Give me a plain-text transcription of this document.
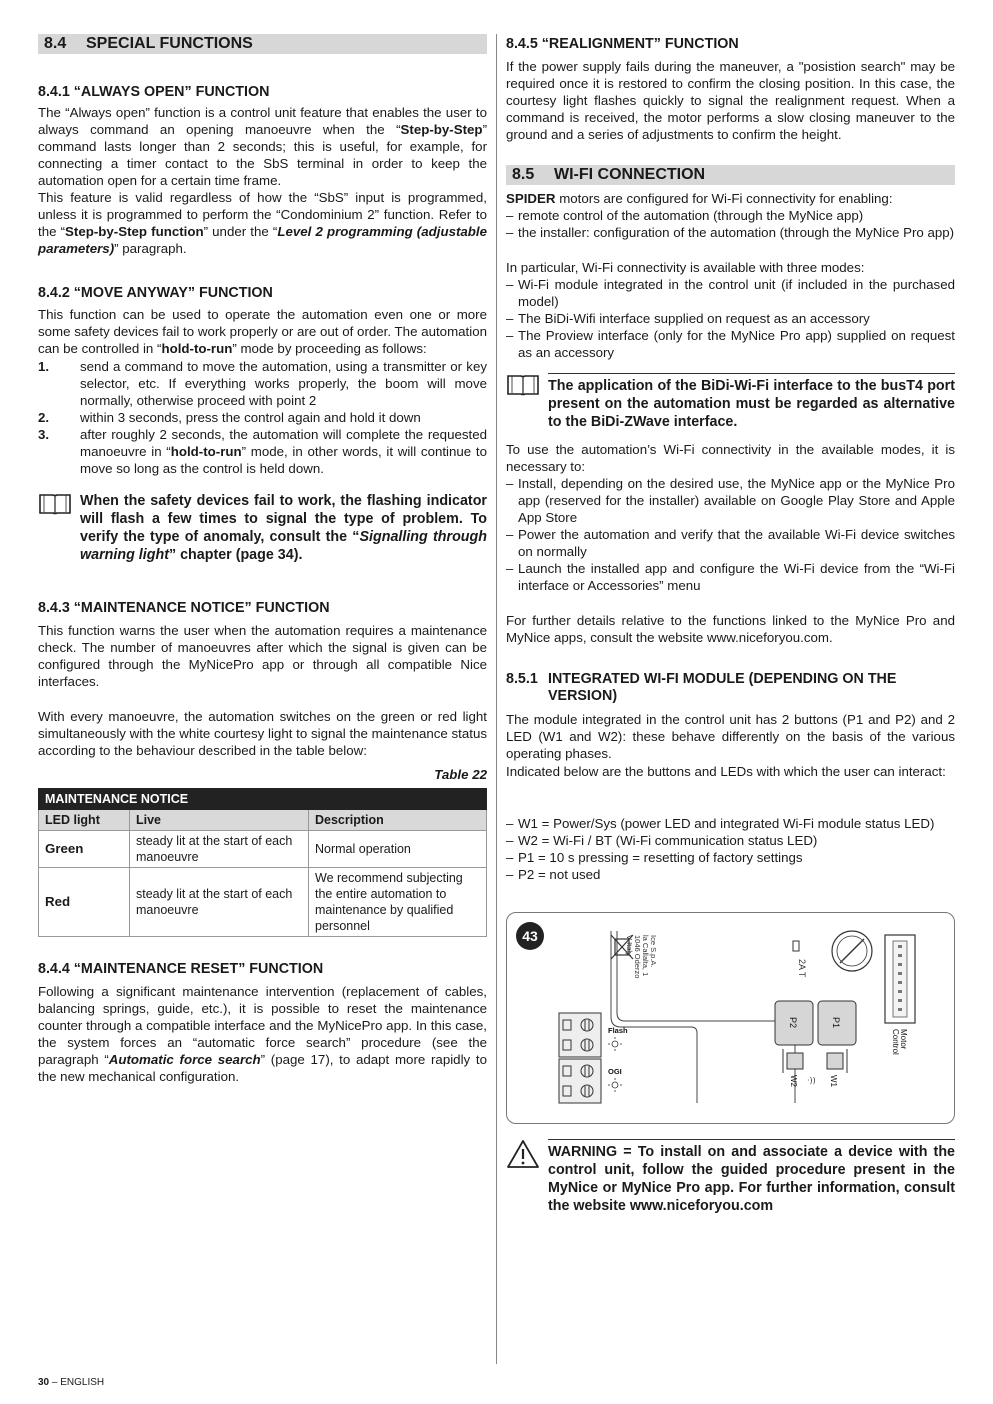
8.4 SPECIAL FUNCTIONS
8.4.1 “ALWAYS OPEN” FUNCTION
The “Always open” function is a control unit feature that enables the user to always command an opening manoeuvre when the “Step-by-Step” command lasts longer than 2 seconds; this is useful, for example, for connecting a timer contact to the SbS terminal in order to keep the automation open for a certain time frame.
This feature is valid regardless of how the “SbS” input is programmed, unless it is programmed to perform the “Condominium 2” function. Refer to the “Step-by-Step function” under the “Level 2 programming (adjustable parameters)” paragraph.
8.4.2 “MOVE ANYWAY” FUNCTION
This function can be used to operate the automation even one or more some safety devices fail to work properly or are out of order. The automation can be controlled in “hold-to-run” mode by proceeding as follows:
1.	send a command to move the automation, using a transmitter or key selector, etc. If everything works properly, the boom will move normally, otherwise proceed with point 2
2.	within 3 seconds, press the control again and hold it down
3.	after roughly 2 seconds, the automation will complete the requested manoeuvre in “hold-to-run” mode, in other words, it will continue to move so long as the control is held down.
When the safety devices fail to work, the flashing indicator will flash a few times to signal the type of problem. To verify the type of anomaly, consult the “Signalling through warning light” chapter (page 34).
8.4.3 “MAINTENANCE NOTICE” FUNCTION
This function warns the user when the automation requires a maintenance check. The number of manoeuvres after which the signal is given can be configured through the MyNicePro app or through all compatible Nice interfaces.
With every manoeuvre, the automation switches on the green or red light simultaneously with the white courtesy light to signal the maintenance status according to the behaviour described in the table below:
Table 22
MAINTENANCE NOTICE		
LED light	Live	Description
Green	steady lit at the start of each manoeuvre	Normal operation
Red	steady lit at the start of each manoeuvre	We recommend subjecting the entire automation to maintenance by qualified personnel
8.4.4 “MAINTENANCE RESET” FUNCTION
Following a significant maintenance intervention (replacement of cables, balancing springs, guide, etc.), it is possible to reset the maintenance counter through a compatible interface and the MyNicePro app. In this case, the system forces an “automatic force search” procedure (see the paragraph “Automatic force search” (page 17), to adapt more rapidly to the new mechanical configuration.
8.4.5 “REALIGNMENT” FUNCTION
If the power supply fails during the maneuver, a "posistion search" may be required once it is restored to confirm the closing position. In this case, the courtesy light flashes quickly to signal the realignment request. When a command is received, the motor performs a slow closing maneuver to the ground and a series of adjustments to confirm the height.
8.5 WI-FI CONNECTION
SPIDER motors are configured for Wi-Fi connectivity for enabling:
– remote control of the automation (through the MyNice app)
– the installer: configuration of the automation (through the MyNice Pro app)
In particular, Wi-Fi connectivity is available with three modes:
– Wi-Fi module integrated in the control unit (if included in the purchased model)
– The BiDi-Wifi interface supplied on request as an accessory
– The Proview interface (only for the MyNice Pro app) supplied on request as an accessory
The application of the BiDi-Wi-Fi interface to the busT4 port present on the automation must be regarded as alternative to the BiDi-ZWave interface.
To use the automation’s Wi-Fi connectivity in the available modes, it is necessary to:
– Install, depending on the desired use, the MyNice app or the MyNice Pro app (reserved for the installer) available on Google Play Store and Apple App Store
– Power the automation and verify that the available Wi-Fi device switches on normally
– Launch the installed app and configure the Wi-Fi device from the “Wi-Fi interface or Accessories” menu
For further details relative to the functions linked to the MyNice Pro and MyNice apps, consult the website www.niceforyou.com.
8.5.1 INTEGRATED WI-FI MODULE (DEPENDING ON THE VERSION)
The module integrated in the control unit has 2 buttons (P1 and P2) and 2 LED (W1 and W2): these behave differently on the basis of the various operating phases.
Indicated below are the buttons and LEDs with which the user can interact:
– W1 = Power/Sys (power LED and integrated Wi-Fi module status LED)
– W2 = Wi-Fi / BT (Wi-Fi communication status LED)
– P1 = 10 s pressing = resetting of factory settings
– P2 = not used
43	Ice S.p.A.
la Callalta, 1
1046 Oderzo
V Italy
2A T
P2	P1
W2	W1
·))
Motor
Control
Flash
OGI
WARNING = To install on and associate a device with the control unit, follow the guided procedure present in the MyNice or MyNice Pro app. For further information, consult the website www.niceforyou.com
30 – ENGLISH
